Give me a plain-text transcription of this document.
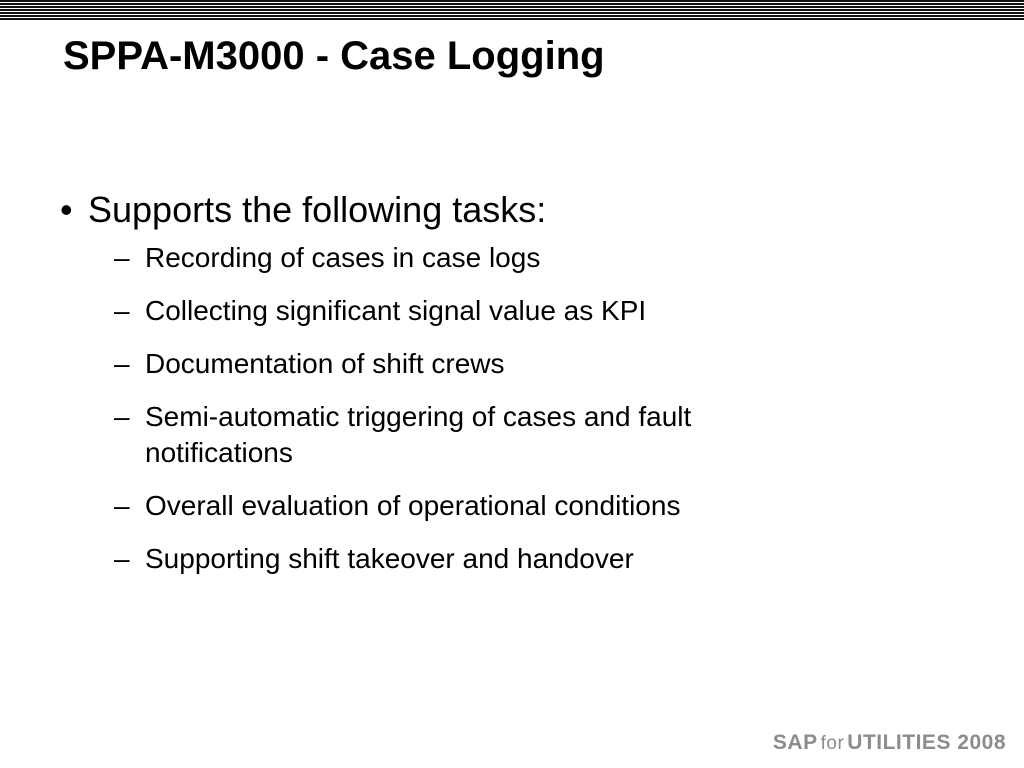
SPPA-M3000 - Case Logging
• Supports the following tasks:
– Recording of cases in case logs
– Collecting significant signal value as KPI
– Documentation of shift crews
– Semi-automatic triggering of cases and fault notifications
– Overall evaluation of operational conditions
– Supporting shift takeover and handover
SAP for UTILITIES 2008
